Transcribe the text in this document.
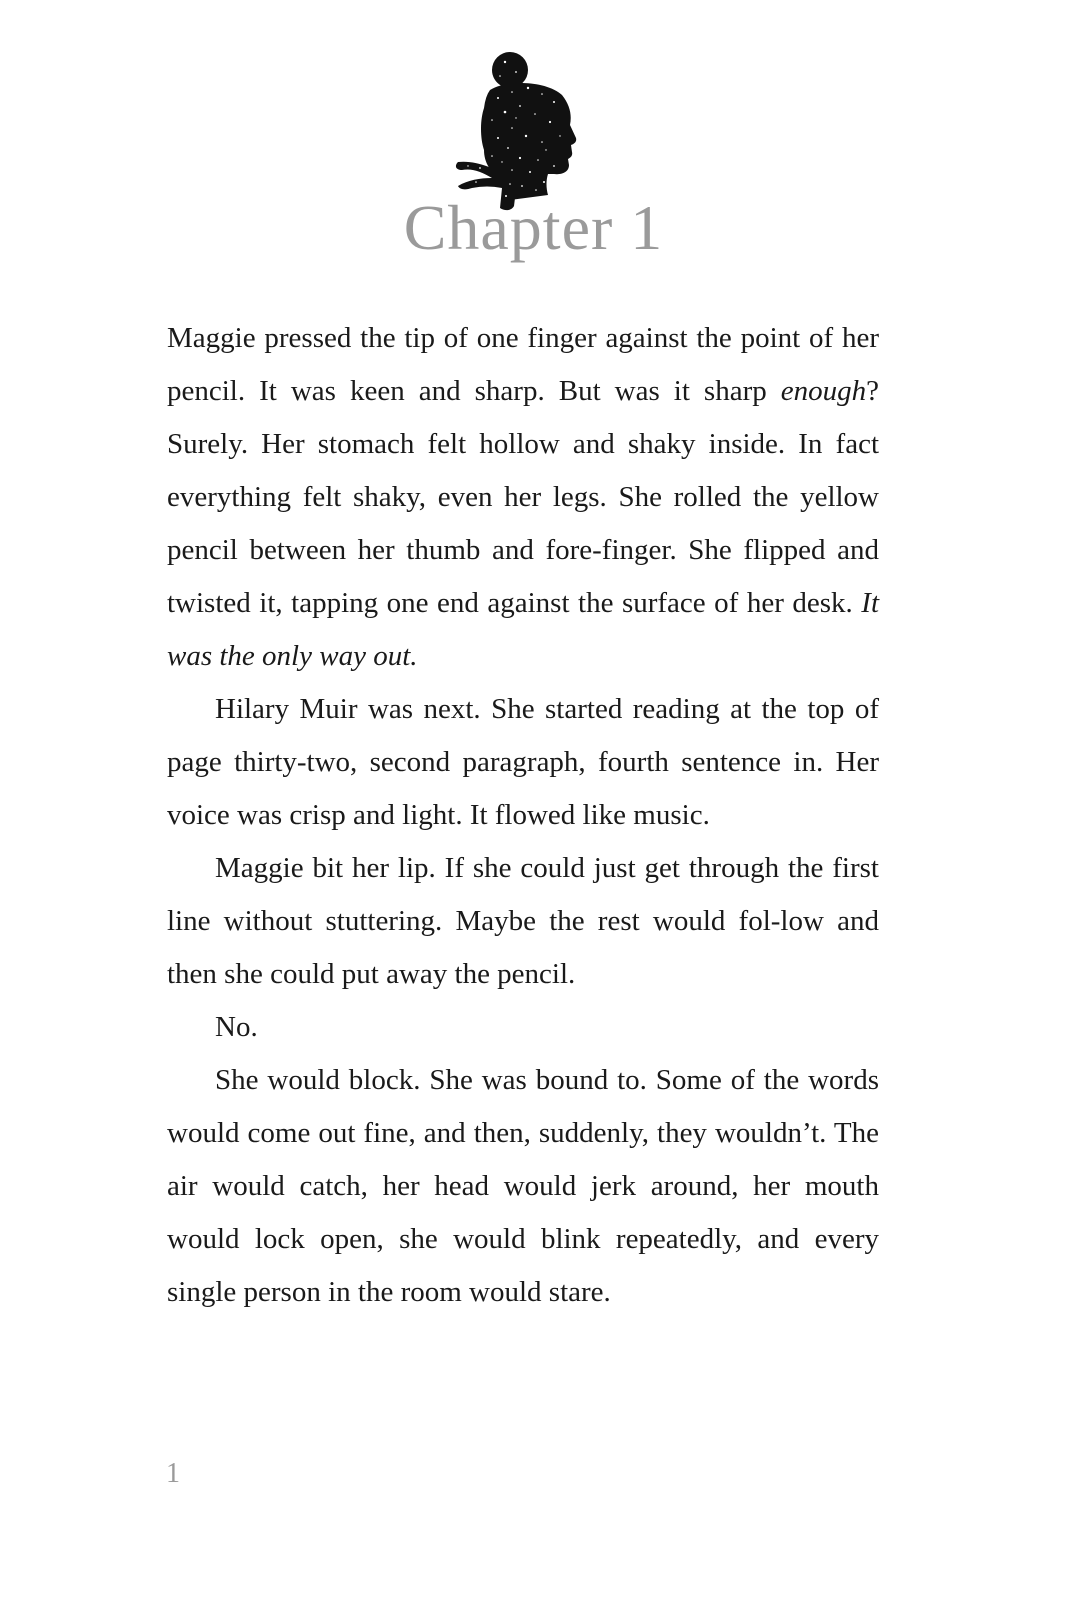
Chapter 1

Maggie pressed the tip of one finger against the point of her pencil. It was keen and sharp. But was it sharp enough? Surely. Her stomach felt hollow and shaky inside. In fact everything felt shaky, even her legs. She rolled the yellow pencil between her thumb and fore-finger. She flipped and twisted it, tapping one end against the surface of her desk. It was the only way out.

Hilary Muir was next. She started reading at the top of page thirty-two, second paragraph, fourth sentence in. Her voice was crisp and light. It flowed like music.

Maggie bit her lip. If she could just get through the first line without stuttering. Maybe the rest would fol-low and then she could put away the pencil.

No.

She would block. She was bound to. Some of the words would come out fine, and then, suddenly, they wouldn’t. The air would catch, her head would jerk around, her mouth would lock open, she would blink repeatedly, and every single person in the room would stare.

1
